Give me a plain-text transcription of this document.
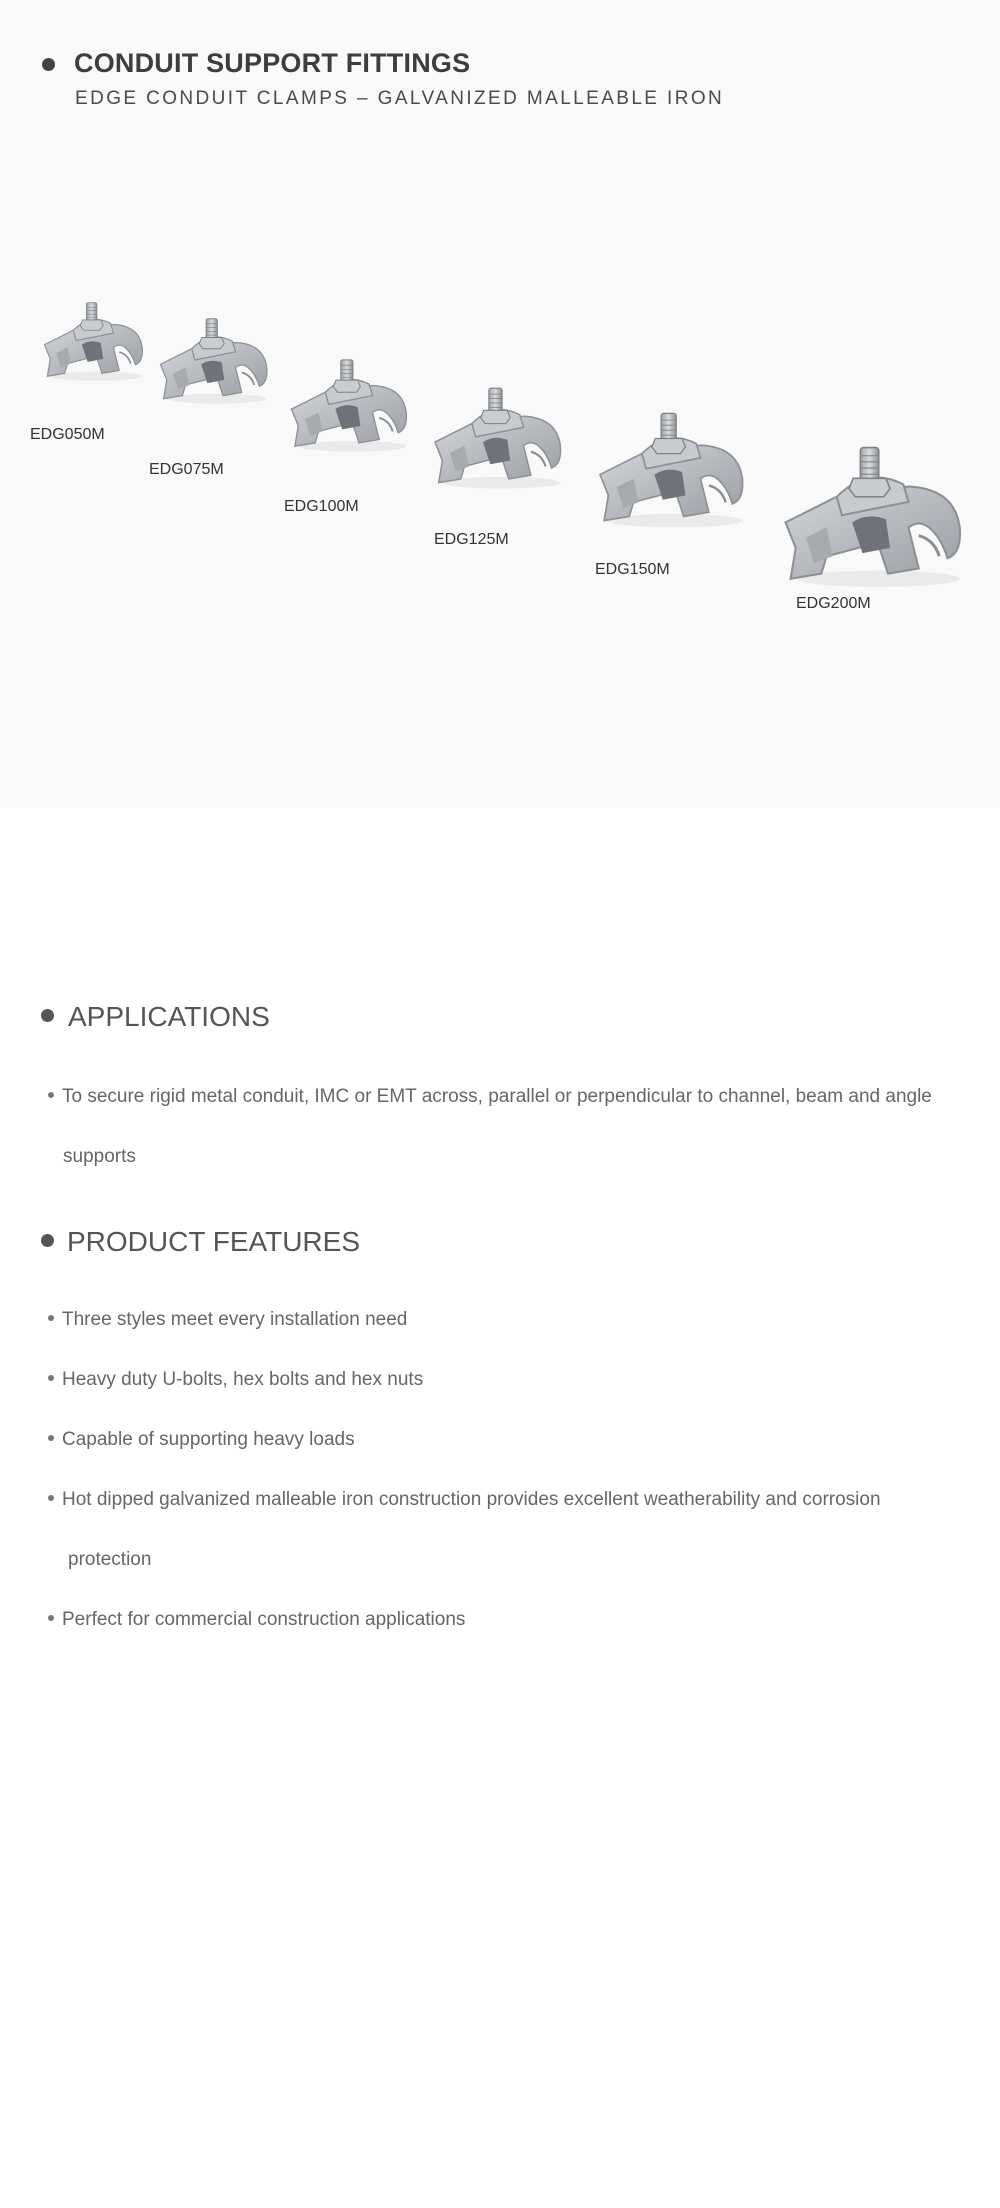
CONDUIT SUPPORT FITTINGS
EDGE CONDUIT CLAMPS – GALVANIZED MALLEABLE IRON
EDG050M
EDG075M
EDG100M
EDG125M
EDG150M
EDG200M
APPLICATIONS
To secure rigid metal conduit, IMC or EMT across, parallel or perpendicular to channel, beam and angle
supports
PRODUCT FEATURES
Three styles meet every installation need
Heavy duty U-bolts, hex bolts and hex nuts
Capable of supporting heavy loads
Hot dipped galvanized malleable iron construction provides excellent weatherability and corrosion
protection
Perfect for commercial construction applications
